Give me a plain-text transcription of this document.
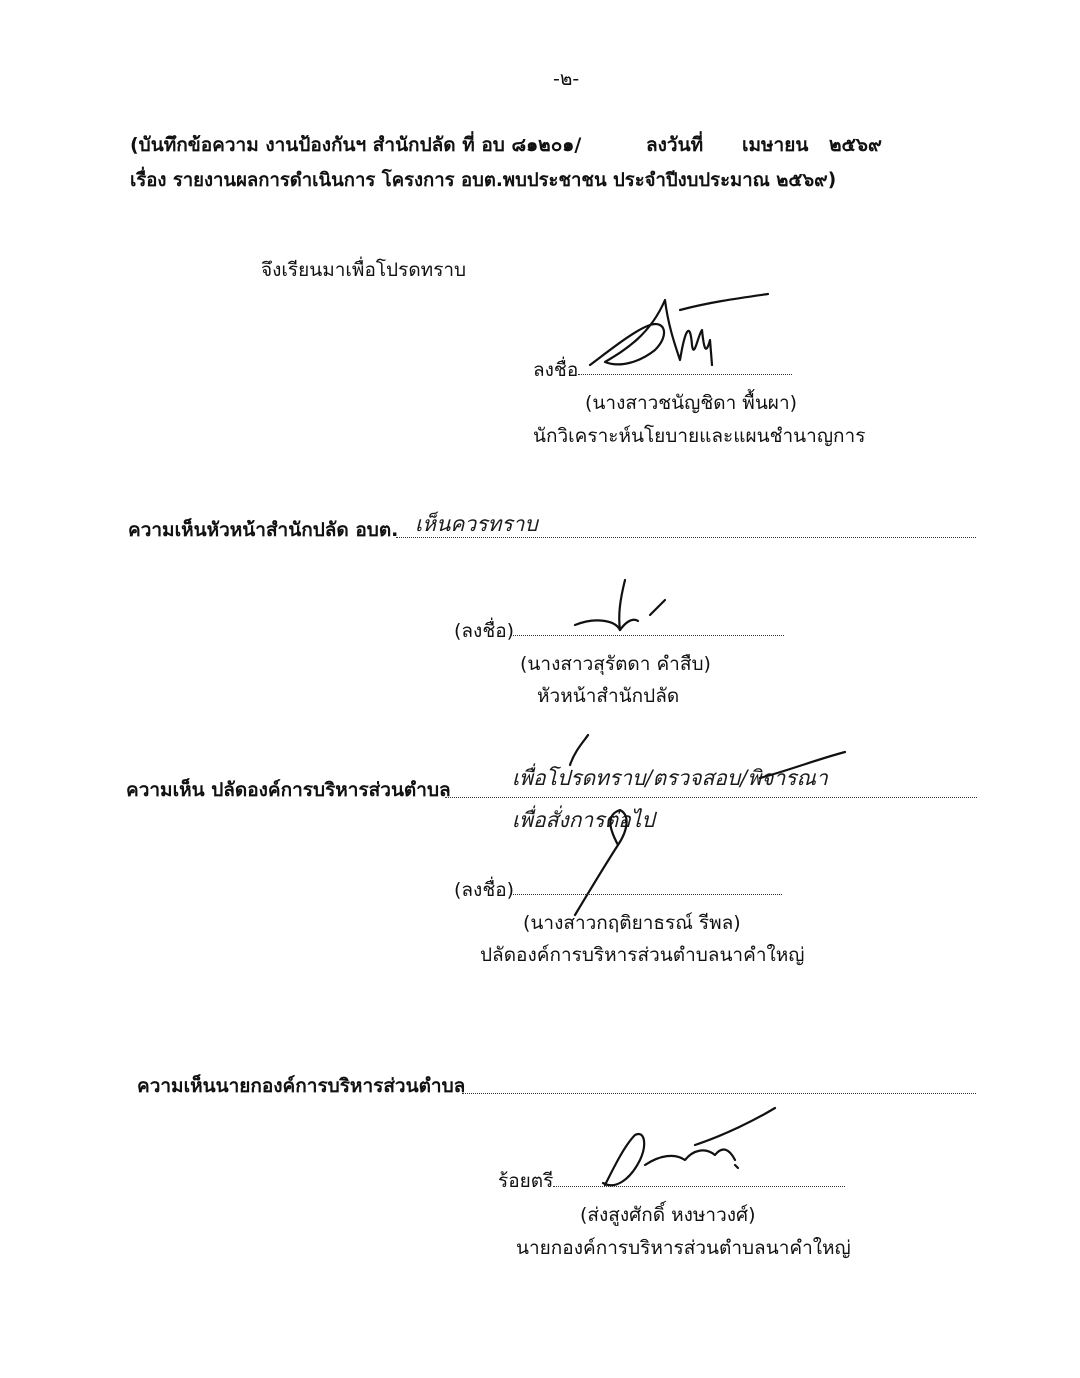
-๒-
(บันทึกข้อความ งานป้องกันฯ สำนักปลัด ที่ อบ ๘๑๒๐๑/	ลงวันที่ เมษายน ๒๕๖๙
เรื่อง รายงานผลการดำเนินการ โครงการ อบต.พบประชาชน ประจำปีงบประมาณ ๒๕๖๙)
จึงเรียนมาเพื่อโปรดทราบ
ลงชื่อ
(นางสาวชนัญชิดา พื้นผา)
นักวิเคราะห์นโยบายและแผนชำนาญการ
ความเห็นหัวหน้าสำนักปลัด อบต. เห็นควรทราบ
(ลงชื่อ)
(นางสาวสุรัตดา คำสืบ)
หัวหน้าสำนักปลัด
ความเห็น ปลัดองค์การบริหารส่วนตำบล	เพื่อโปรดทราบ/ตรวจสอบ/พิจารณา
เพื่อสั่งการต่อไป
(ลงชื่อ)
(นางสาวกฤติยาธรณ์ รีพล)
ปลัดองค์การบริหารส่วนตำบลนาคำใหญ่
ความเห็นนายกองค์การบริหารส่วนตำบล
ร้อยตรี
(ส่งสูงศักดิ์ หงษาวงศ์)
นายกองค์การบริหารส่วนตำบลนาคำใหญ่
